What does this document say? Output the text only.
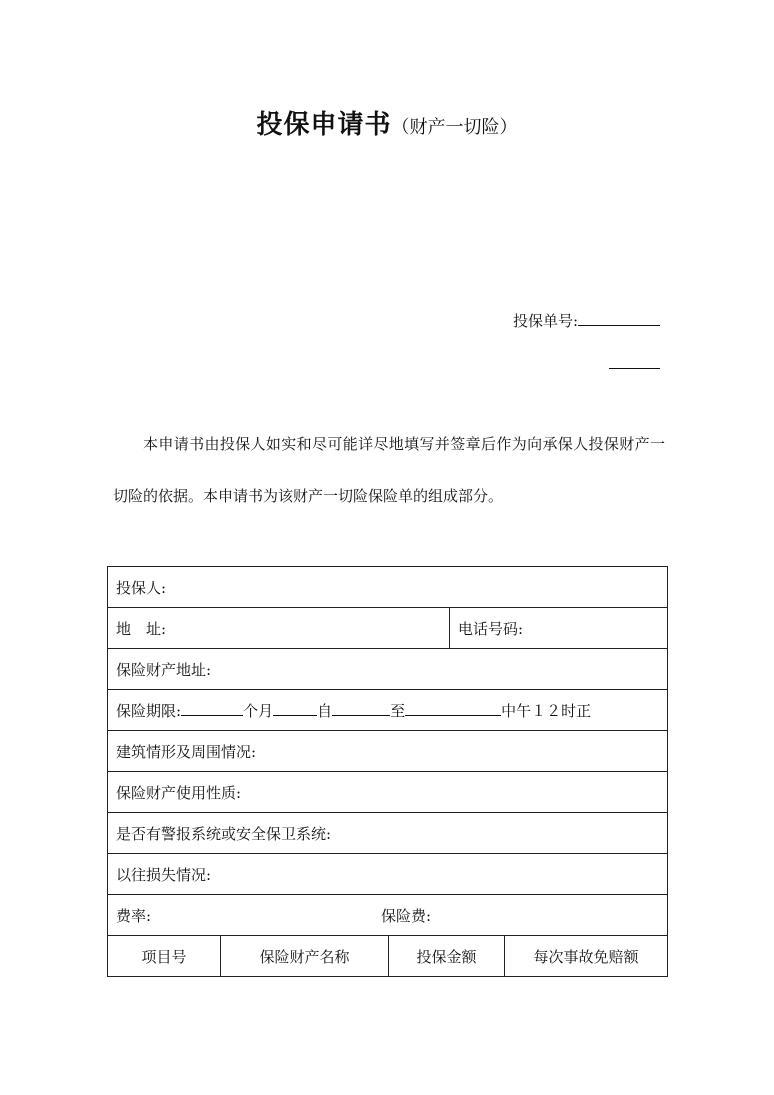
投保申请书（财产一切险）
投保单号:

本申请书由投保人如实和尽可能详尽地填写并签章后作为向承保人投保财产一切险的依据。本申请书为该财产一切险保险单的组成部分。

投保人:				
地　址:			电话号码:	
保险财产地址:				
保险期限: 个月 自 至 中午１２时正				
建筑情形及周围情况:				
保险财产使用性质:				
是否有警报系统或安全保卫系统:				
以往损失情况:				
费率: 保险费:				
项目号	保险财产名称	投保金额		每次事故免赔额
